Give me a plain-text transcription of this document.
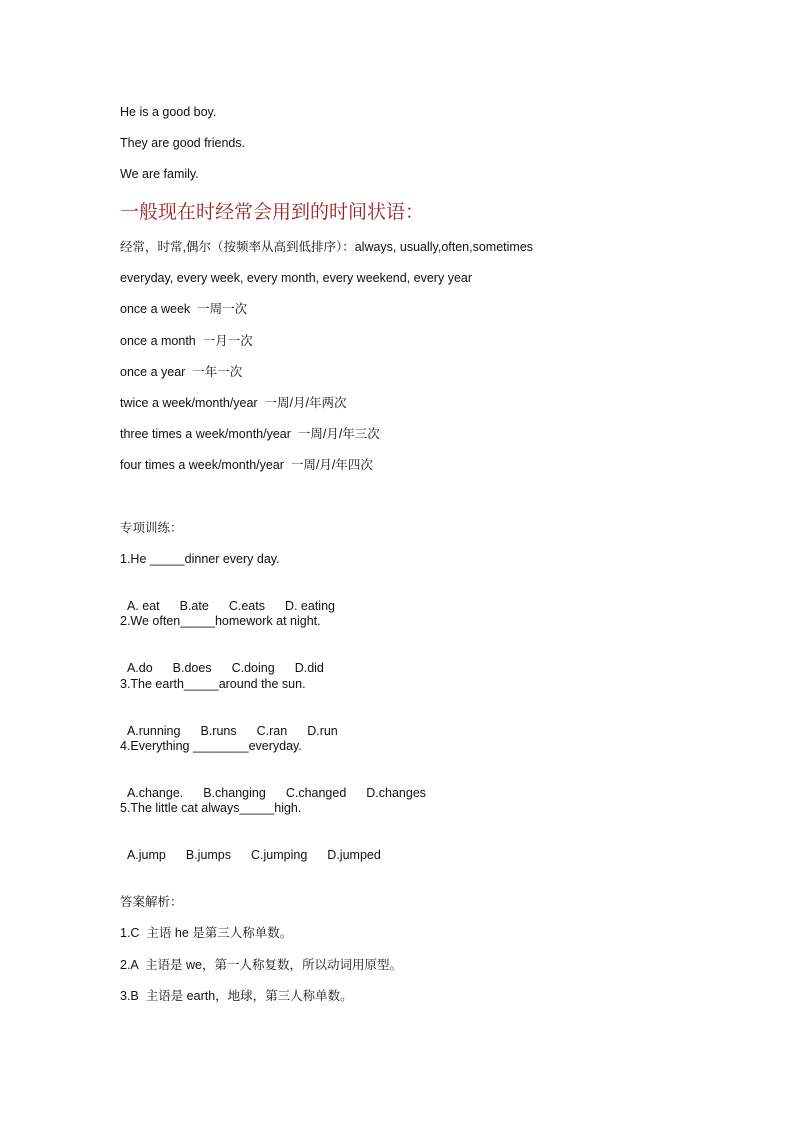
He is a good boy.
They are good friends.
We are family.
一般现在时经常会用到的时间状语：
经常，时常,偶尔（按频率从高到低排序）：always, usually,often,sometimes
everyday, every week, every month, every weekend, every year
once a week  一周一次
once a month  一月一次
once a year  一年一次
twice a week/month/year  一周/月/年两次
three times a week/month/year  一周/月/年三次
four times a week/month/year  一周/月/年四次
专项训练：
1.He _____dinner every day.

A. eat B.ate C.eats D. eating

2.We often_____homework at night.

A.do B.does C.doing D.did

3.The earth_____around the sun.

A.running B.runs C.ran D.run

4.Everything ________everyday.

A.change. B.changing C.changed D.changes

5.The little cat always_____high.

A.jump B.jumps C.jumping D.jumped

答案解析：
1.C  主语 he 是第三人称单数。
2.A  主语是 we，第一人称复数，所以动词用原型。
3.B  主语是 earth，地球，第三人称单数。
